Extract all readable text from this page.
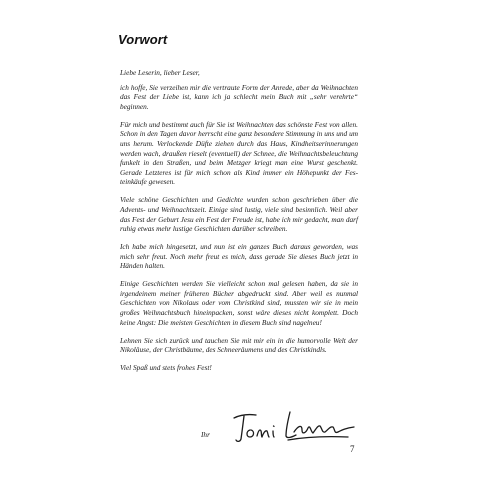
Vorwort

Liebe Leserin, lieber Leser,

ich hoffe, Sie verzeihen mir die vertraute Form der Anrede, aber da Weihnachten das Fest der Liebe ist, kann ich ja schlecht mein Buch mit „sehr verehrte“ beginnen.

Für mich und bestimmt auch für Sie ist Weihnachten das schönste Fest von allen. Schon in den Tagen davor herrscht eine ganz besondere Stimmung in uns und um uns herum. Verlockende Düfte ziehen durch das Haus, Kindheitserinnerungen werden wach, draußen rieselt (eventuell) der Schnee, die Weihnachtsbeleuchtung funkelt in den Straßen, und beim Metzger kriegt man eine Wurst geschenkt. Gerade Letzteres ist für mich schon als Kind immer ein Höhepunkt der Festeinkäufe gewesen.

Viele schöne Geschichten und Gedichte wurden schon geschrieben über die Advents- und Weihnachtszeit. Einige sind lustig, viele sind besinnlich. Weil aber das Fest der Geburt Jesu ein Fest der Freude ist, habe ich mir gedacht, man darf ruhig etwas mehr lustige Geschichten darüber schreiben.

Ich habe mich hingesetzt, und nun ist ein ganzes Buch daraus geworden, was mich sehr freut. Noch mehr freut es mich, dass gerade Sie dieses Buch jetzt in Händen halten.

Einige Geschichten werden Sie vielleicht schon mal gelesen haben, da sie in irgendeinem meiner früheren Bücher abgedruckt sind. Aber weil es nunmal Geschichten von Nikolaus oder vom Christkind sind, mussten wir sie in mein großes Weihnachtsbuch hineinpacken, sonst wäre dieses nicht komplett. Doch keine Angst: Die meisten Geschichten in diesem Buch sind nagelneu!

Lehnen Sie sich zurück und tauchen Sie mit mir ein in die humorvolle Welt der Nikoläuse, der Christbäume, des Schneeräumens und des Christkindls.

Viel Spaß und stets frohes Fest!

Ihr
7
